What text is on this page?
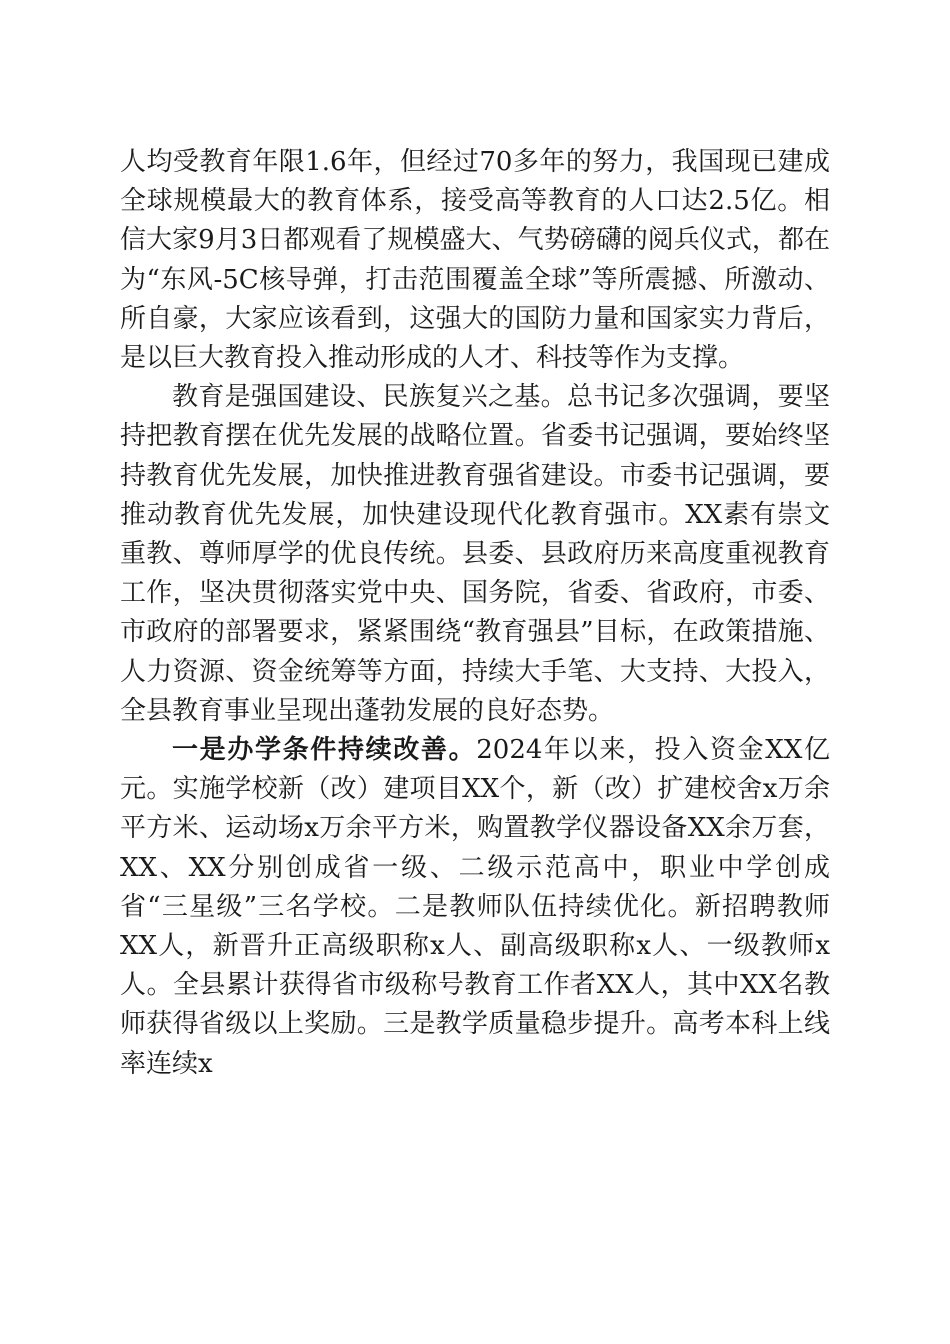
人均受教育年限1.6年，但经过70多年的努力，我国现已建成全球规模最大的教育体系，接受高等教育的人口达2.5亿。相信大家9月3日都观看了规模盛大、气势磅礴的阅兵仪式，都在为“东风-5C核导弹，打击范围覆盖全球”等所震撼、所激动、所自豪，大家应该看到，这强大的国防力量和国家实力背后，是以巨大教育投入推动形成的人才、科技等作为支撑。

教育是强国建设、民族复兴之基。总书记多次强调，要坚持把教育摆在优先发展的战略位置。省委书记强调，要始终坚持教育优先发展，加快推进教育强省建设。市委书记强调，要推动教育优先发展，加快建设现代化教育强市。XX素有崇文重教、尊师厚学的优良传统。县委、县政府历来高度重视教育工作，坚决贯彻落实党中央、国务院，省委、省政府，市委、市政府的部署要求，紧紧围绕“教育强县”目标，在政策措施、人力资源、资金统筹等方面，持续大手笔、大支持、大投入，全县教育事业呈现出蓬勃发展的良好态势。

一是办学条件持续改善。2024年以来，投入资金XX亿元。实施学校新（改）建项目XX个，新（改）扩建校舍x万余平方米、运动场x万余平方米，购置教学仪器设备XX余万套，XX、XX分别创成省一级、二级示范高中，职业中学创成省“三星级”三名学校。二是教师队伍持续优化。新招聘教师XX人，新晋升正高级职称x人、副高级职称x人、一级教师x人。全县累计获得省市级称号教育工作者XX人，其中XX名教师获得省级以上奖励。三是教学质量稳步提升。高考本科上线率连续x
